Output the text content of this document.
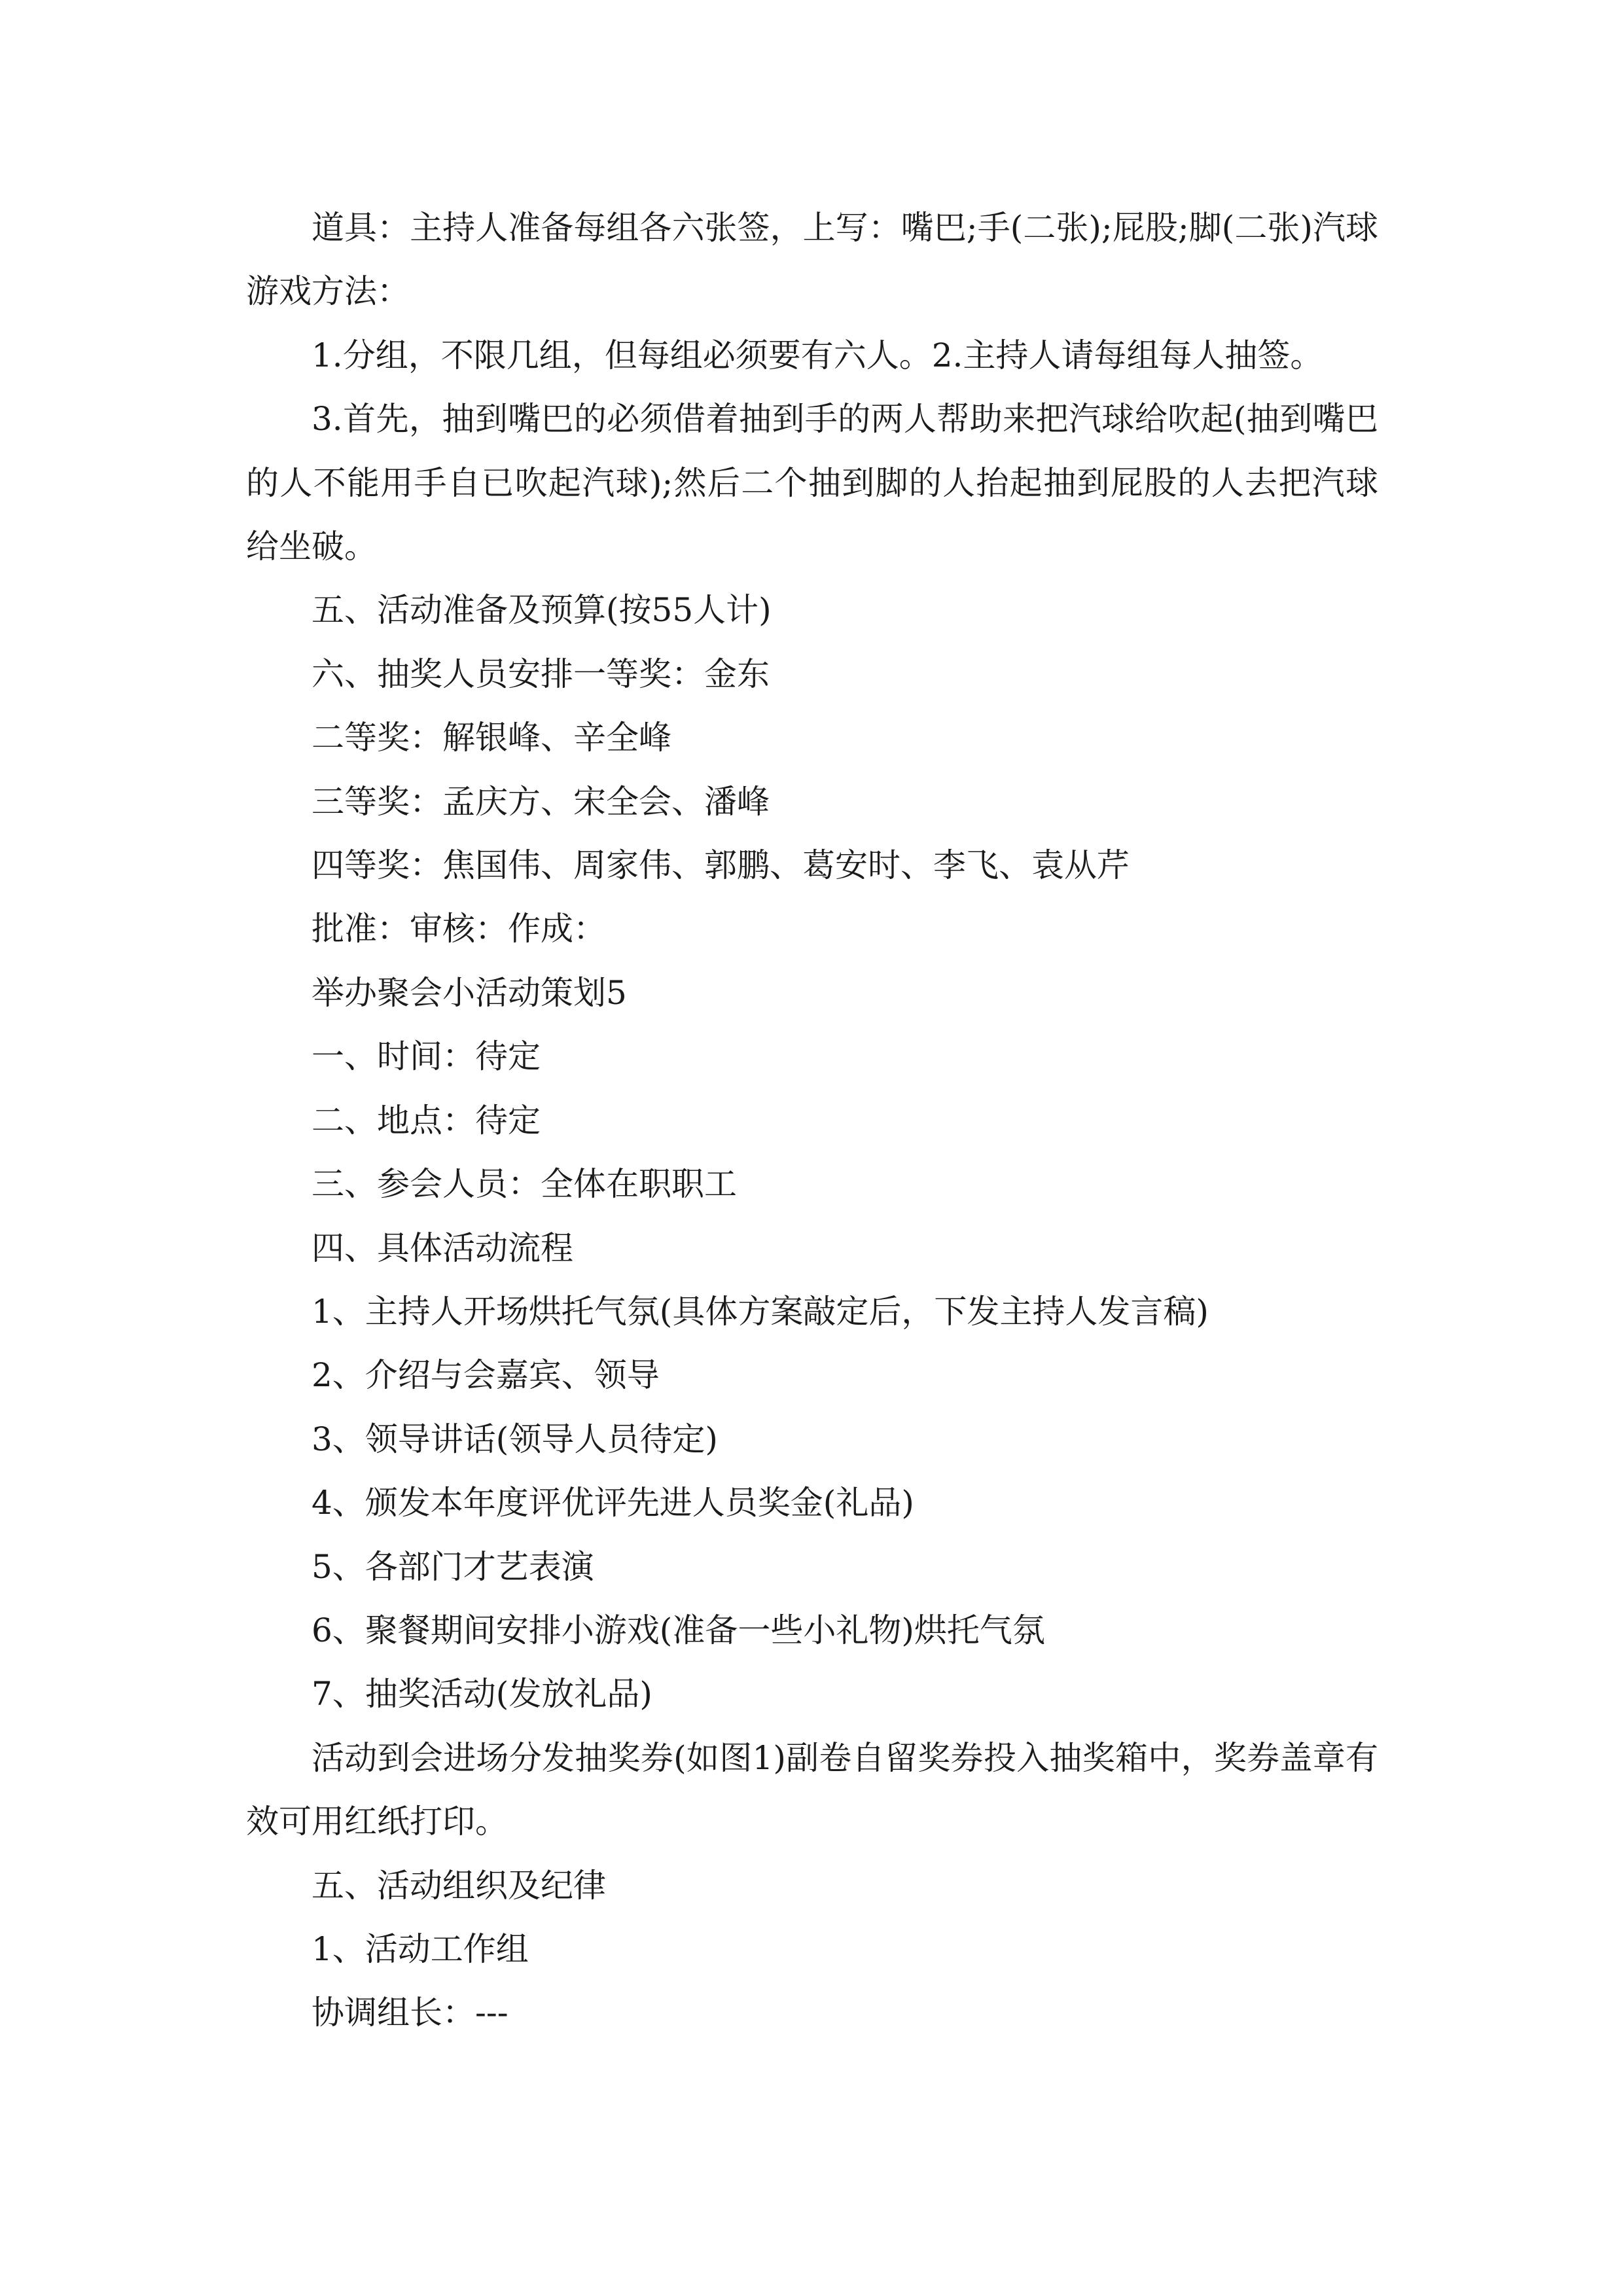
道具：主持人准备每组各六张签，上写：嘴巴;手(二张);屁股;脚(二张)汽球游戏方法：

1.分组，不限几组，但每组必须要有六人。2.主持人请每组每人抽签。

3.首先，抽到嘴巴的必须借着抽到手的两人帮助来把汽球给吹起(抽到嘴巴的人不能用手自已吹起汽球);然后二个抽到脚的人抬起抽到屁股的人去把汽球给坐破。

五、活动准备及预算(按55人计)

六、抽奖人员安排一等奖：金东

二等奖：解银峰、辛全峰

三等奖：孟庆方、宋全会、潘峰

四等奖：焦国伟、周家伟、郭鹏、葛安时、李飞、袁从芹

批准：审核：作成：

举办聚会小活动策划5

一、时间：待定

二、地点：待定

三、参会人员：全体在职职工

四、具体活动流程

1、主持人开场烘托气氛(具体方案敲定后，下发主持人发言稿)

2、介绍与会嘉宾、领导

3、领导讲话(领导人员待定)

4、颁发本年度评优评先进人员奖金(礼品)

5、各部门才艺表演

6、聚餐期间安排小游戏(准备一些小礼物)烘托气氛

7、抽奖活动(发放礼品)

活动到会进场分发抽奖券(如图1)副卷自留奖券投入抽奖箱中，奖券盖章有效可用红纸打印。

五、活动组织及纪律

1、活动工作组

协调组长：---
